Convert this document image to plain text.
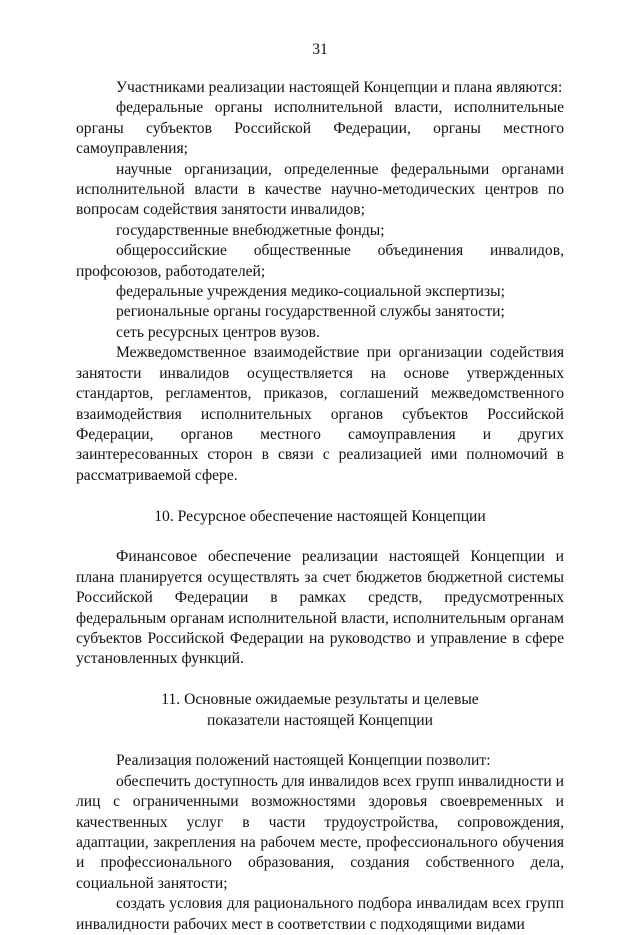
31

Участниками реализации настоящей Концепции и плана являются:

федеральные органы исполнительной власти, исполнительные органы субъектов Российской Федерации, органы местного самоуправления;

научные организации, определенные федеральными органами исполнительной власти в качестве научно-методических центров по вопросам содействия занятости инвалидов;

государственные внебюджетные фонды;

общероссийские общественные объединения инвалидов, профсоюзов, работодателей;

федеральные учреждения медико-социальной экспертизы;

региональные органы государственной службы занятости;

сеть ресурсных центров вузов.

Межведомственное взаимодействие при организации содействия занятости инвалидов осуществляется на основе утвержденных стандартов, регламентов, приказов, соглашений межведомственного взаимодействия исполнительных органов субъектов Российской Федерации, органов местного самоуправления и других заинтересованных сторон в связи с реализацией ими полномочий в рассматриваемой сфере.

10. Ресурсное обеспечение настоящей Концепции

Финансовое обеспечение реализации настоящей Концепции и плана планируется осуществлять за счет бюджетов бюджетной системы Российской Федерации в рамках средств, предусмотренных федеральным органам исполнительной власти, исполнительным органам субъектов Российской Федерации на руководство и управление в сфере установленных функций.

11. Основные ожидаемые результаты и целевые
показатели настоящей Концепции

Реализация положений настоящей Концепции позволит:

обеспечить доступность для инвалидов всех групп инвалидности и лиц с ограниченными возможностями здоровья своевременных и качественных услуг в части трудоустройства, сопровождения, адаптации, закрепления на рабочем месте, профессионального обучения и профессионального образования, создания собственного дела, социальной занятости;

создать условия для рационального подбора инвалидам всех групп инвалидности рабочих мест в соответствии с подходящими видами
